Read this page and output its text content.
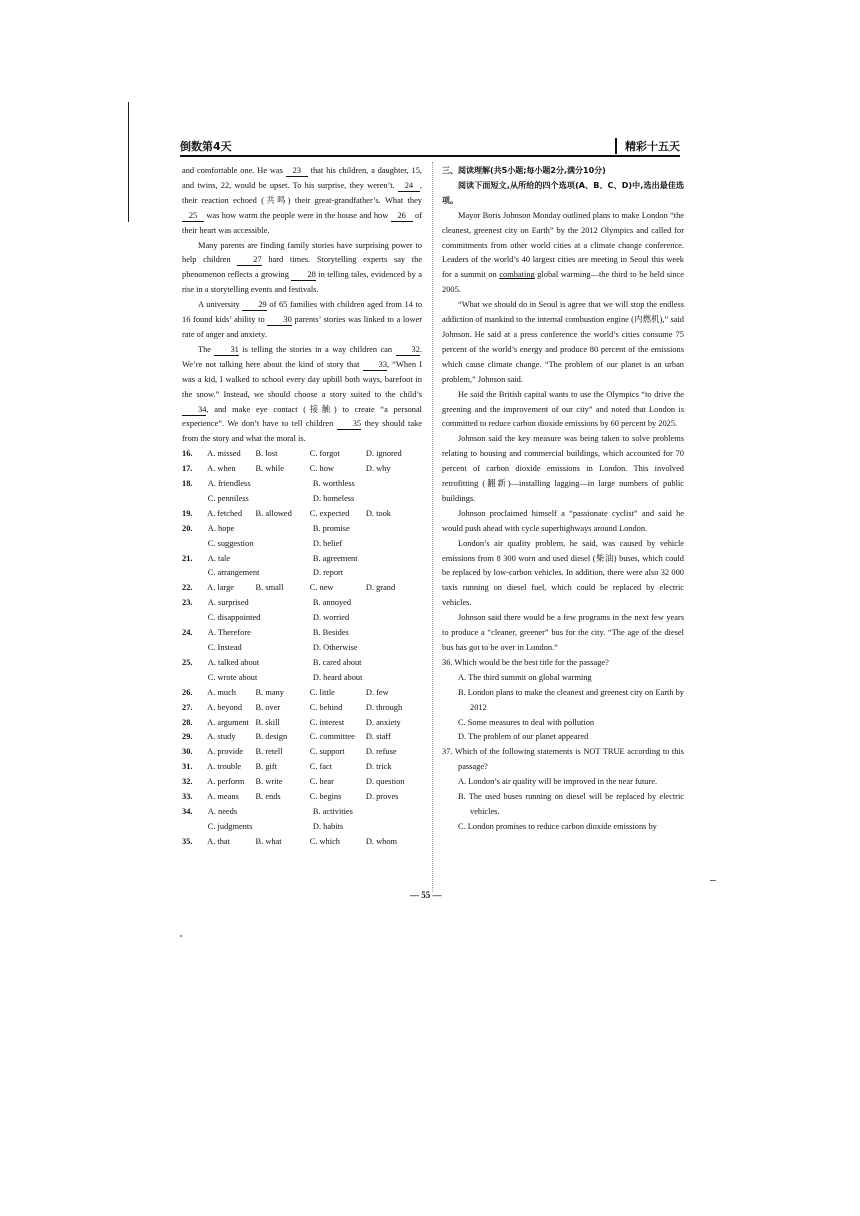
倒数第4天	精彩十五天

and comfortable one. He was 23 that his children, a daughter, 15, and twins, 22, would be upset. To his surprise, they weren’t. 24 , their reaction echoed (共鸣) their great-grandfather’s. What they 25 was how warm the people were in the house and how 26 of their heart was accessible.

Many parents are finding family stories have surprising power to help children	27 hard times. Storytelling experts say the phenomenon reflects a growing 28 in telling tales, evidenced by a rise in a storytelling events and festivals.

A university 29 of 65 families with children aged from 14 to 16 found kids’ ability to 30 parents’ stories was linked to a lower rate of anger and anxiety.

The 31 is telling the stories in a way children can 32. We’re not talking here about the kind of story that 33, “When I was a kid, I walked to school every day uphill both ways, barefoot in the snow.” Instead, we should choose a story suited to the child’s 34, and make eye contact (接触) to create “a personal experience”. We don’t have to tell children 35 they should take from the story and what the moral is.

16.	A. missed	B. lost	C. forgot	D. ignored
17.	A. when	B. while	C. how	D. why
18.	A. friendless	B. worthless
C. penniless	D. homeless
19.	A. fetched	B. allowed	C. expected	D. took
20.	A. hope	B. promise
C. suggestion	D. belief
21.	A. tale	B. agreement
C. arrangement	D. report
22.	A. large	B. small	C. new	D. grand
23.	A. surprised	B. annoyed
C. disappointed	D. worried
24.	A. Therefore	B. Besides
C. Instead	D. Otherwise
25.	A. talked about	B. cared about
C. wrote about	D. heard about
26.	A. much	B. many	C. little	D. few
27.	A. beyond	B. over	C. behind	D. through
28.	A. argument B. skill	C. interest	D. anxiety
29.	A. study	B. design	C. committee	D. staff
30.	A. provide	B. retell	C. support	D. refuse
31.	A. trouble	B. gift	C. fact	D. trick
32.	A. perform	B. write	C. hear	D. question
33.	A. means	B. ends	C. begins	D. proves
34.	A. needs	B. activities
C. judgments	D. habits
35.	A. that	B. what	C. which	D. whom

三、阅读理解(共5小题;每小题2分,满分10分)

阅读下面短文,从所给的四个选项(A、B、C、D)中,选出最佳选项。

Mayor Boris Johnson Monday outlined plans to make London “the cleanest, greenest city on Earth” by the 2012 Olympics and called for commitments from other world cities at a climate change conference. Leaders of the world’s 40 largest cities are meeting in Seoul this week for a summit on combating global warming—the third to be held since 2005.

“What we should do in Seoul is agree that we will stop the endless addiction of mankind to the internal combustion engine (内燃机),” said Johnson. He said at a press conference the world’s cities consume 75 percent of the world’s energy and produce 80 percent of the emissions which cause climate change. “The problem of our planet is an urban problem,” Johnson said.

He said the British capital wants to use the Olympics “to drive the greening and the improvement of our city” and noted that London is committed to reduce carbon dioxide emissions by 60 percent by 2025.

Johnson said the key measure was being taken to solve problems relating to housing and commercial buildings, which accounted for 70 percent of carbon dioxide emissions in London. This involved retrofitting (翻新)—installing lagging—in large numbers of public buildings.

Johnson proclaimed himself a “passionate cyclist” and said he would push ahead with cycle superhighways around London.

London’s air quality problem, he said, was caused by vehicle emissions from 8 300 worn and used diesel (柴油) buses, which could be replaced by low-carbon vehicles. In addition, there were also 32 000 taxis running on diesel fuel, which could be replaced by electric vehicles.

Johnson said there would be a few programs in the next few years to produce a “cleaner, greener” bus for the city. “The age of the diesel bus has got to be over in London.”

36. Which would be the best title for the passage?

A. The third summit on global warming

B. London plans to make the cleanest and greenest city on Earth by 2012

C. Some measures to deal with pollution

D. The problem of our planet appeared

37. Which of the following statements is NOT TRUE according to this passage?

A. London’s air quality will be improved in the near future.

B. The used buses running on diesel will be replaced by electric vehicles.

C. London promises to reduce carbon dioxide emissions by

— 55 —
